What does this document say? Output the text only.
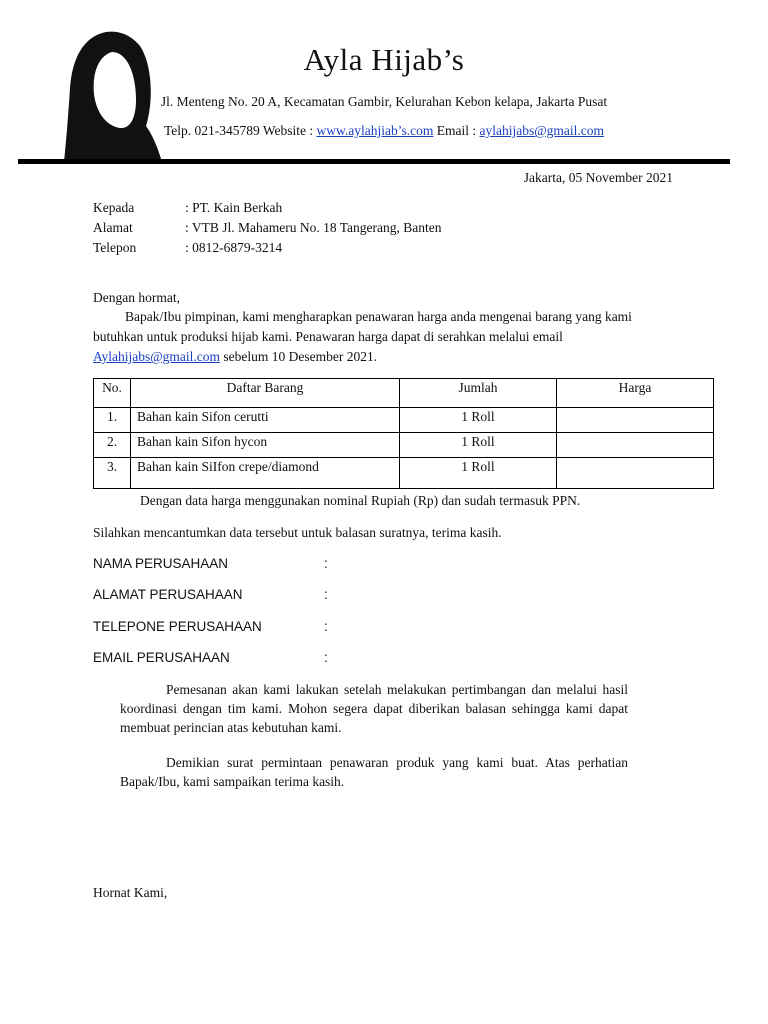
Ayla Hijab’s
Jl. Menteng No. 20 A, Kecamatan Gambir, Kelurahan Kebon kelapa, Jakarta Pusat
Telp. 021-345789 Website : www.aylahjiab’s.com Email : aylahijabs@gmail.com
Jakarta, 05 November 2021
Kepada	: PT. Kain Berkah
Alamat	: VTB Jl. Mahameru No. 18 Tangerang, Banten
Telepon	: 0812-6879-3214
Dengan hormat,
Bapak/Ibu pimpinan, kami mengharapkan penawaran harga anda mengenai barang yang kami butuhkan untuk produksi hijab kami. Penawaran harga dapat di serahkan melalui email Aylahijabs@gmail.com sebelum 10 Desember 2021.
No.	Daftar Barang	Jumlah	Harga
1.	Bahan kain Sifon cerutti	1 Roll	
2.	Bahan kain Sifon hycon	1 Roll	
3.	Bahan kain SiIfon crepe/diamond	1 Roll	
Dengan data harga menggunakan nominal Rupiah (Rp) dan sudah termasuk PPN.
Silahkan mencantumkan data tersebut untuk balasan suratnya, terima kasih.
NAMA PERUSAHAAN	:
ALAMAT PERUSAHAAN	:
TELEPONE PERUSAHAAN	:
EMAIL PERUSAHAAN	:
Pemesanan akan kami lakukan setelah melakukan pertimbangan dan melalui hasil koordinasi dengan tim kami. Mohon segera dapat diberikan balasan sehingga kami dapat membuat perincian atas kebutuhan kami.
Demikian surat permintaan penawaran produk yang kami buat. Atas perhatian Bapak/Ibu, kami sampaikan terima kasih.
Hornat Kami,
